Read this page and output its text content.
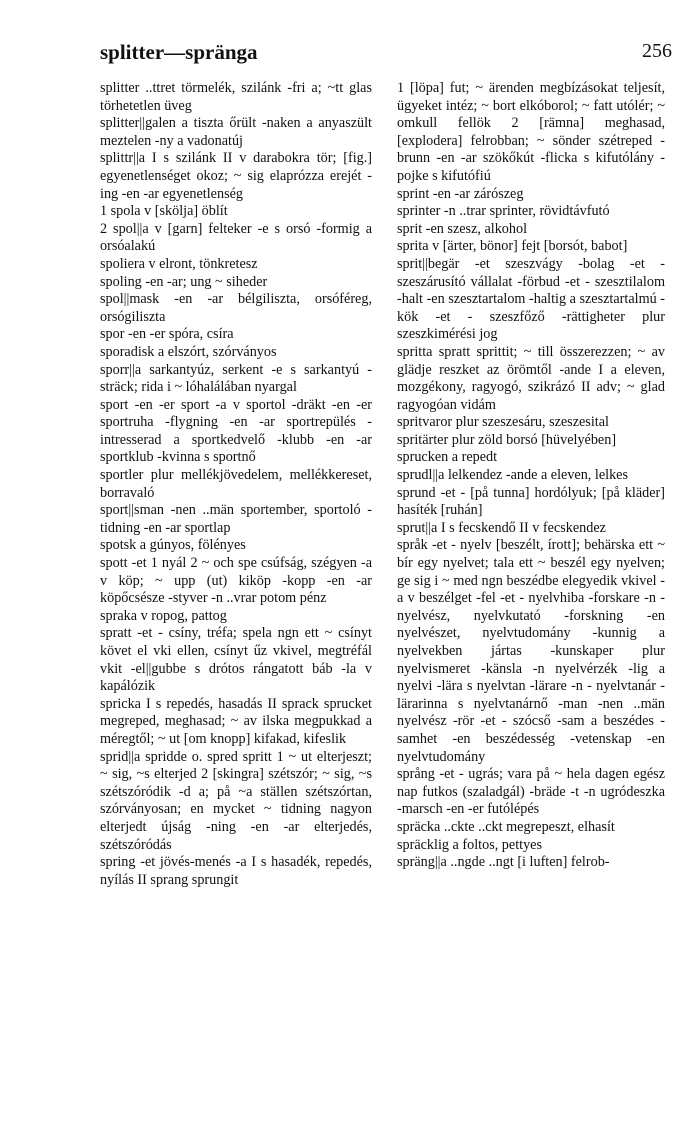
splitter—spränga	256

splitter ..ttret törmelék, szilánk -fri a; ~tt glas törhetetlen üveg

splitter||galen a tiszta őrült -naken a anyaszült meztelen -ny a vadonatúj

splittr||a I s szilánk II v darabokra tör; [fig.] egyenetlenséget okoz; ~ sig elaprózza erejét -ing -en -ar egyenetlenség

1 spola v [skölja] öblít

2 spol||a v [garn] felteker -e s orsó -formig a orsóalakú

spoliera v elront, tönkretesz

spoling -en -ar; ung ~ siheder

spol||mask -en -ar bélgiliszta, orsóféreg, orsógiliszta

spor -en -er spóra, csíra

sporadisk a elszórt, szórványos

sporr||a sarkantyúz, serkent -e s sarkantyú -sträck; rida i ~ lóhalálában nyargal

sport -en -er sport -a v sportol -dräkt -en -er sportruha -flygning -en -ar sportrepülés -intresserad a sportkedvelő -klubb -en -ar sportklub -kvinna s sportnő

sportler plur mellékjövedelem, mellékkereset, borravaló

sport||sman -nen ..män sportember, sportoló -tidning -en -ar sportlap

spotsk a gúnyos, fölényes

spott -et 1 nyál 2 ~ och spe csúfság, szégyen -a v köp; ~ upp (ut) kiköp -kopp -en -ar köpőcsésze -styver -n ..vrar potom pénz

spraka v ropog, pattog

spratt -et - csíny, tréfa; spela ngn ett ~ csínyt követ el vki ellen, csínyt űz vkivel, megtréfál vkit -el||gubbe s drótos rángatott báb -la v kapálózik

spricka I s repedés, hasadás II sprack sprucket megreped, meghasad; ~ av ilska megpukkad a méregtől; ~ ut [om knopp] kifakad, kifeslik

sprid||a spridde o. spred spritt 1 ~ ut elterjeszt; ~ sig, ~s elterjed 2 [skingra] szétszór; ~ sig, ~s szétszóródik -d a; på ~a ställen szétszórtan, szórványosan; en mycket ~ tidning nagyon elterjedt újság -ning -en -ar elterjedés, szétszóródás

spring -et jövés-menés -a I s hasadék, repedés, nyílás II sprang sprungit

1 [löpa] fut; ~ ärenden megbízásokat teljesít, ügyeket intéz; ~ bort elkóborol; ~ fatt utólér; ~ omkull fellök 2 [rämna] meghasad, [exploderа] felrobban; ~ sönder szétreped -brunn -en -ar szökőkút -flicka s kifutólány -pojke s kifutófiú

sprint -en -ar zárószeg

sprinter -n ..trar sprinter, rövidtávfutó

sprit -en szesz, alkohol

sprita v [ärter, bönor] fejt [borsót, babot]

sprit||begär -et szeszvágy -bolag -et - szeszárusító vállalat -förbud -et - szesztilalom -halt -en szesztartalom -haltig a szesztartalmú -kök -et - szeszfőző -rättigheter plur szeszkimérési jog

spritta spratt sprittit; ~ till összerezzen; ~ av glädje reszket az örömtől -ande I a eleven, mozgékony, ragyogó, szikrázó II adv; ~ glad ragyogóan vidám

spritvaror plur szeszesáru, szeszesital

spritärter plur zöld borsó [hüvelyében]

sprucken a repedt

sprudl||a lelkendez -ande a eleven, lelkes

sprund -et - [på tunna] hordólyuk; [på kläder] hasíték [ruhán]

sprut||a I s fecskendő II v fecskendez

språk -et - nyelv [beszélt, írott]; behärska ett ~ bír egy nyelvet; tala ett ~ beszél egy nyelven; ge sig i ~ med ngn beszédbe elegyedik vkivel -a v beszélget -fel -et - nyelvhiba -forskare -n - nyelvész, nyelvkutató -forskning -en nyelvészet, nyelvtudomány -kunnig a nyelvekben jártas -kunskaper plur nyelvismeret -känsla -n nyelvérzék -lig a nyelvi -lära s nyelvtan -lärare -n - nyelvtanár -lärarinna s nyelvtanárnő -man -nen ..män nyelvész -rör -et - szócső -sam a beszédes -samhet -en beszédesség -vetenskap -en nyelvtudomány

språng -et - ugrás; vara på ~ hela dagen egész nap futkos (szaladgál) -bräde -t -n ugródeszka -marsch -en -er futólépés

spräcka ..ckte ..ckt megrepeszt, elhasít

spräcklig a foltos, pettyes

spräng||a ..ngde ..ngt [i luften] felrob-
